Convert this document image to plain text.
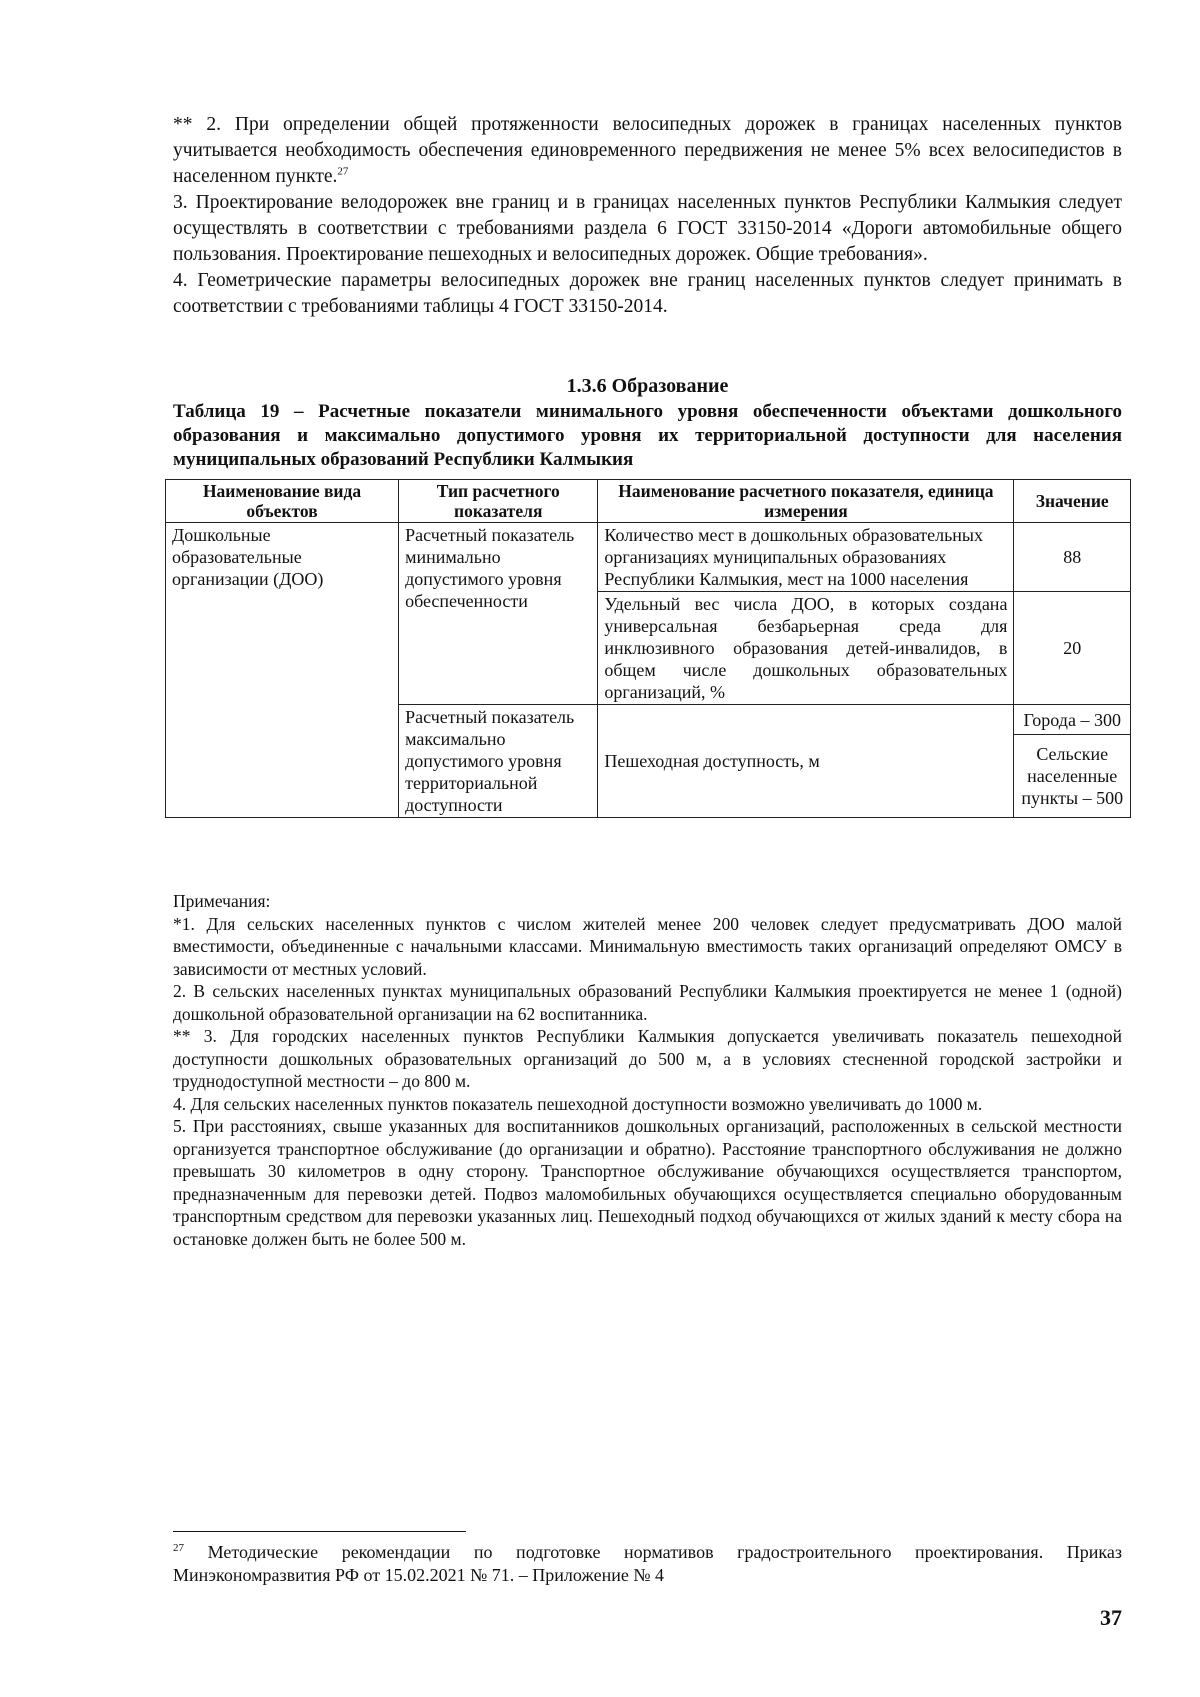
** 2. При определении общей протяженности велосипедных дорожек в границах населенных пунктов учитывается необходимость обеспечения единовременного передвижения не менее 5% всех велосипедистов в населенном пункте.$^{27}$

3. Проектирование велодорожек вне границ и в границах населенных пунктов Республики Калмыкия следует осуществлять в соответствии с требованиями раздела 6 ГОСТ 33150-2014 «Дороги автомобильные общего пользования. Проектирование пешеходных и велосипедных дорожек. Общие требования».

4. Геометрические параметры велосипедных дорожек вне границ населенных пунктов следует принимать в соответствии с требованиями таблицы 4 ГОСТ 33150-2014.

1.3.6 Образование

Таблица 19 – Расчетные показатели минимального уровня обеспеченности объектами дошкольного образования и максимально допустимого уровня их территориальной доступности для населения муниципальных образований Республики Калмыкия

Наименование вида объектов	Тип расчетного показателя	Наименование расчетного показателя, единица измерения	Значение
Дошкольные образовательные организации (ДОО)	Расчетный показатель минимально допустимого уровня обеспеченности	Количество мест в дошкольных образовательных организациях муниципальных образованиях Республики Калмыкия, мест на 1000 населения	88
		Удельный вес числа ДОО, в которых создана универсальная безбарьерная среда для инклюзивного образования детей-инвалидов, в общем числе дошкольных образовательных организаций, %	20
	Расчетный показатель максимально допустимого уровня территориальной доступности	Пешеходная доступность, м	Города – 300
			Сельские населенные пункты – 500

Примечания:

*1. Для сельских населенных пунктов с числом жителей менее 200 человек следует предусматривать ДОО малой вместимости, объединенные с начальными классами. Минимальную вместимость таких организаций определяют ОМСУ в зависимости от местных условий.

2. В сельских населенных пунктах муниципальных образований Республики Калмыкия проектируется не менее 1 (одной) дошкольной образовательной организации на 62 воспитанника.

** 3. Для городских населенных пунктов Республики Калмыкия допускается увеличивать показатель пешеходной доступности дошкольных образовательных организаций до 500 м, а в условиях стесненной городской застройки и труднодоступной местности – до 800 м.

4. Для сельских населенных пунктов показатель пешеходной доступности возможно увеличивать до 1000 м.

5. При расстояниях, свыше указанных для воспитанников дошкольных организаций, расположенных в сельской местности организуется транспортное обслуживание (до организации и обратно). Расстояние транспортного обслуживания не должно превышать 30 километров в одну сторону. Транспортное обслуживание обучающихся осуществляется транспортом, предназначенным для перевозки детей. Подвоз маломобильных обучающихся осуществляется специально оборудованным транспортным средством для перевозки указанных лиц. Пешеходный подход обучающихся от жилых зданий к месту сбора на остановке должен быть не более 500 м.

$^{27}$ Методические рекомендации по подготовке нормативов градостроительного проектирования. Приказ Минэкономразвития РФ от 15.02.2021 № 71. – Приложение № 4

37
